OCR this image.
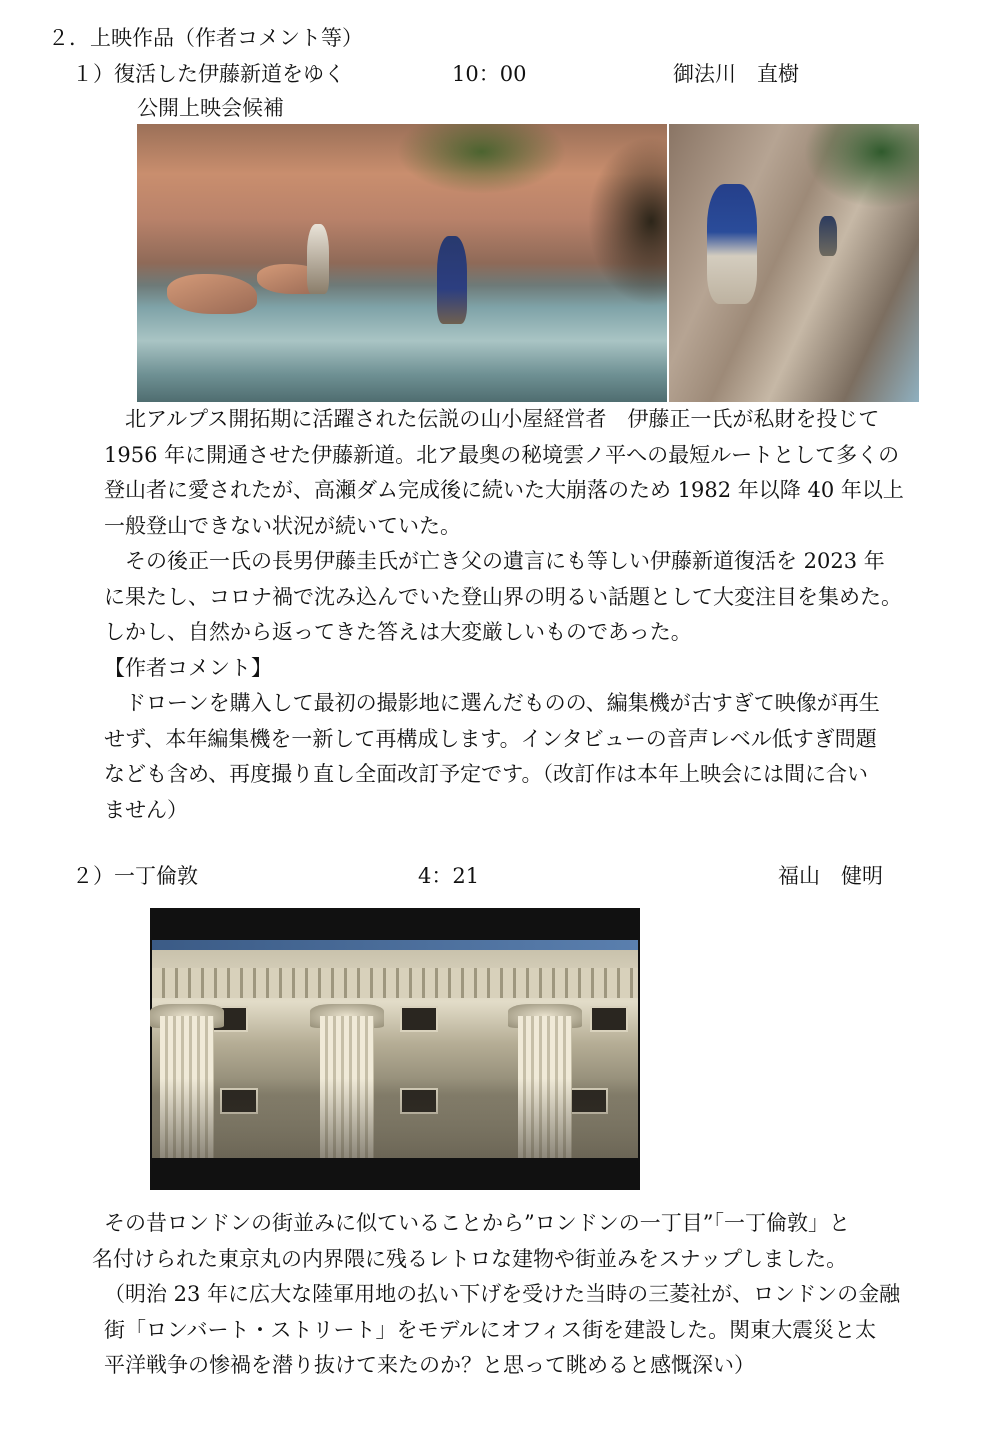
２．上映作品（作者コメント等）
１）復活した伊藤新道をゆく	10：00	御法川　直樹
公開上映会候補

　北アルプス開拓期に活躍された伝説の山小屋経営者　伊藤正一氏が私財を投じて

1956 年に開通させた伊藤新道。北ア最奥の秘境雲ノ平への最短ルートとして多くの

登山者に愛されたが、高瀬ダム完成後に続いた大崩落のため 1982 年以降 40 年以上

一般登山できない状況が続いていた。

　その後正一氏の長男伊藤圭氏が亡き父の遺言にも等しい伊藤新道復活を 2023 年

に果たし、コロナ禍で沈み込んでいた登山界の明るい話題として大変注目を集めた。

しかし、自然から返ってきた答えは大変厳しいものであった。

【作者コメント】

　ドローンを購入して最初の撮影地に選んだものの、編集機が古すぎて映像が再生

せず、本年編集機を一新して再構成します。インタビューの音声レベル低すぎ問題

なども含め、再度撮り直し全面改訂予定です。（改訂作は本年上映会には間に合い

ません）

２）一丁倫敦	4：21	福山　健明

その昔ロンドンの街並みに似ていることから”ロンドンの一丁目”「一丁倫敦」と

名付けられた東京丸の内界隈に残るレトロな建物や街並みをスナップしました。

（明治 23 年に広大な陸軍用地の払い下げを受けた当時の三菱社が、ロンドンの金融

街「ロンバート・ストリート」をモデルにオフィス街を建設した。関東大震災と太

平洋戦争の惨禍を潜り抜けて来たのか？と思って眺めると感慨深い）
